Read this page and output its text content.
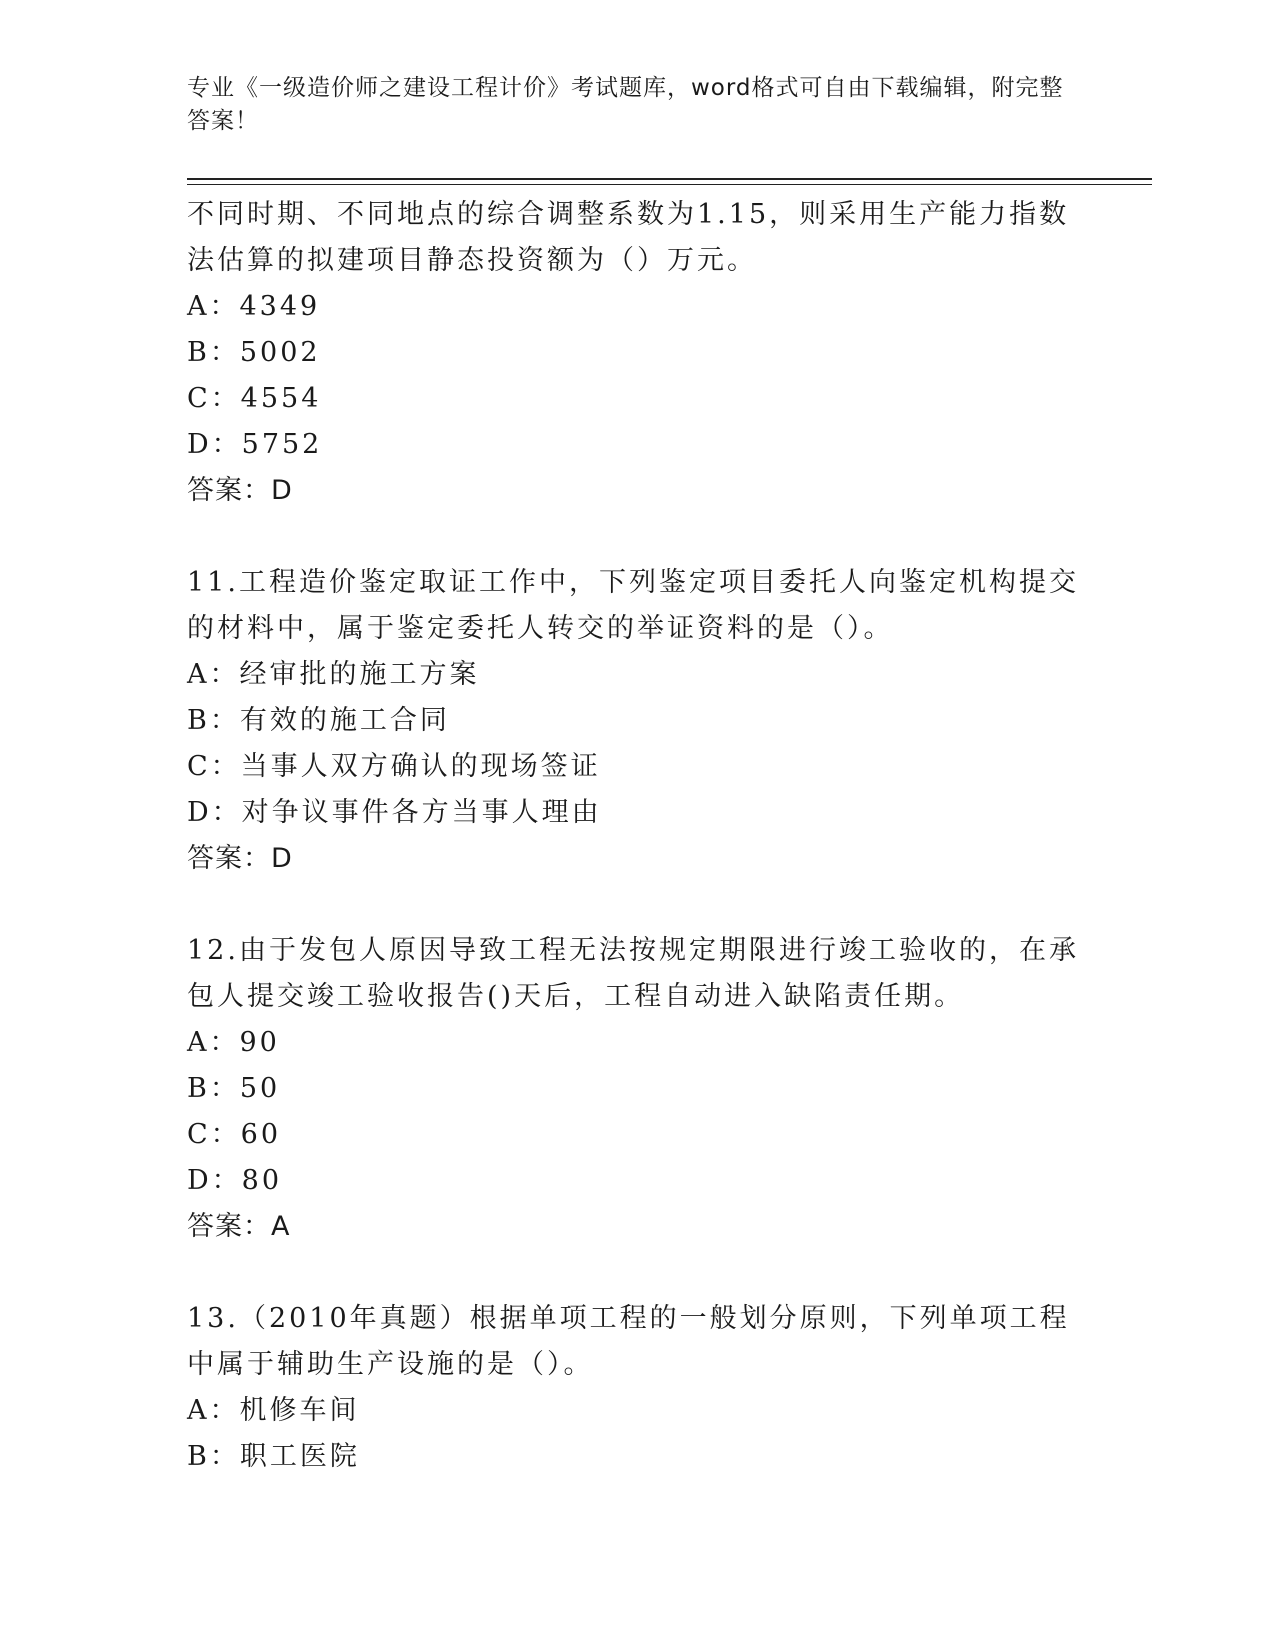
专业《一级造价师之建设工程计价》考试题库，word格式可自由下载编辑，附完整答案！

不同时期、不同地点的综合调整系数为1.15，则采用生产能力指数法估算的拟建项目静态投资额为（）万元。

A：4349

B：5002

C：4554

D：5752

答案：D

11.工程造价鉴定取证工作中，下列鉴定项目委托人向鉴定机构提交的材料中，属于鉴定委托人转交的举证资料的是（）。

A：经审批的施工方案

B：有效的施工合同

C：当事人双方确认的现场签证

D：对争议事件各方当事人理由

答案：D

12.由于发包人原因导致工程无法按规定期限进行竣工验收的，在承包人提交竣工验收报告()天后，工程自动进入缺陷责任期。

A：90

B：50

C：60

D：80

答案：A

13.（2010年真题）根据单项工程的一般划分原则，下列单项工程中属于辅助生产设施的是（）。

A：机修车间

B：职工医院
